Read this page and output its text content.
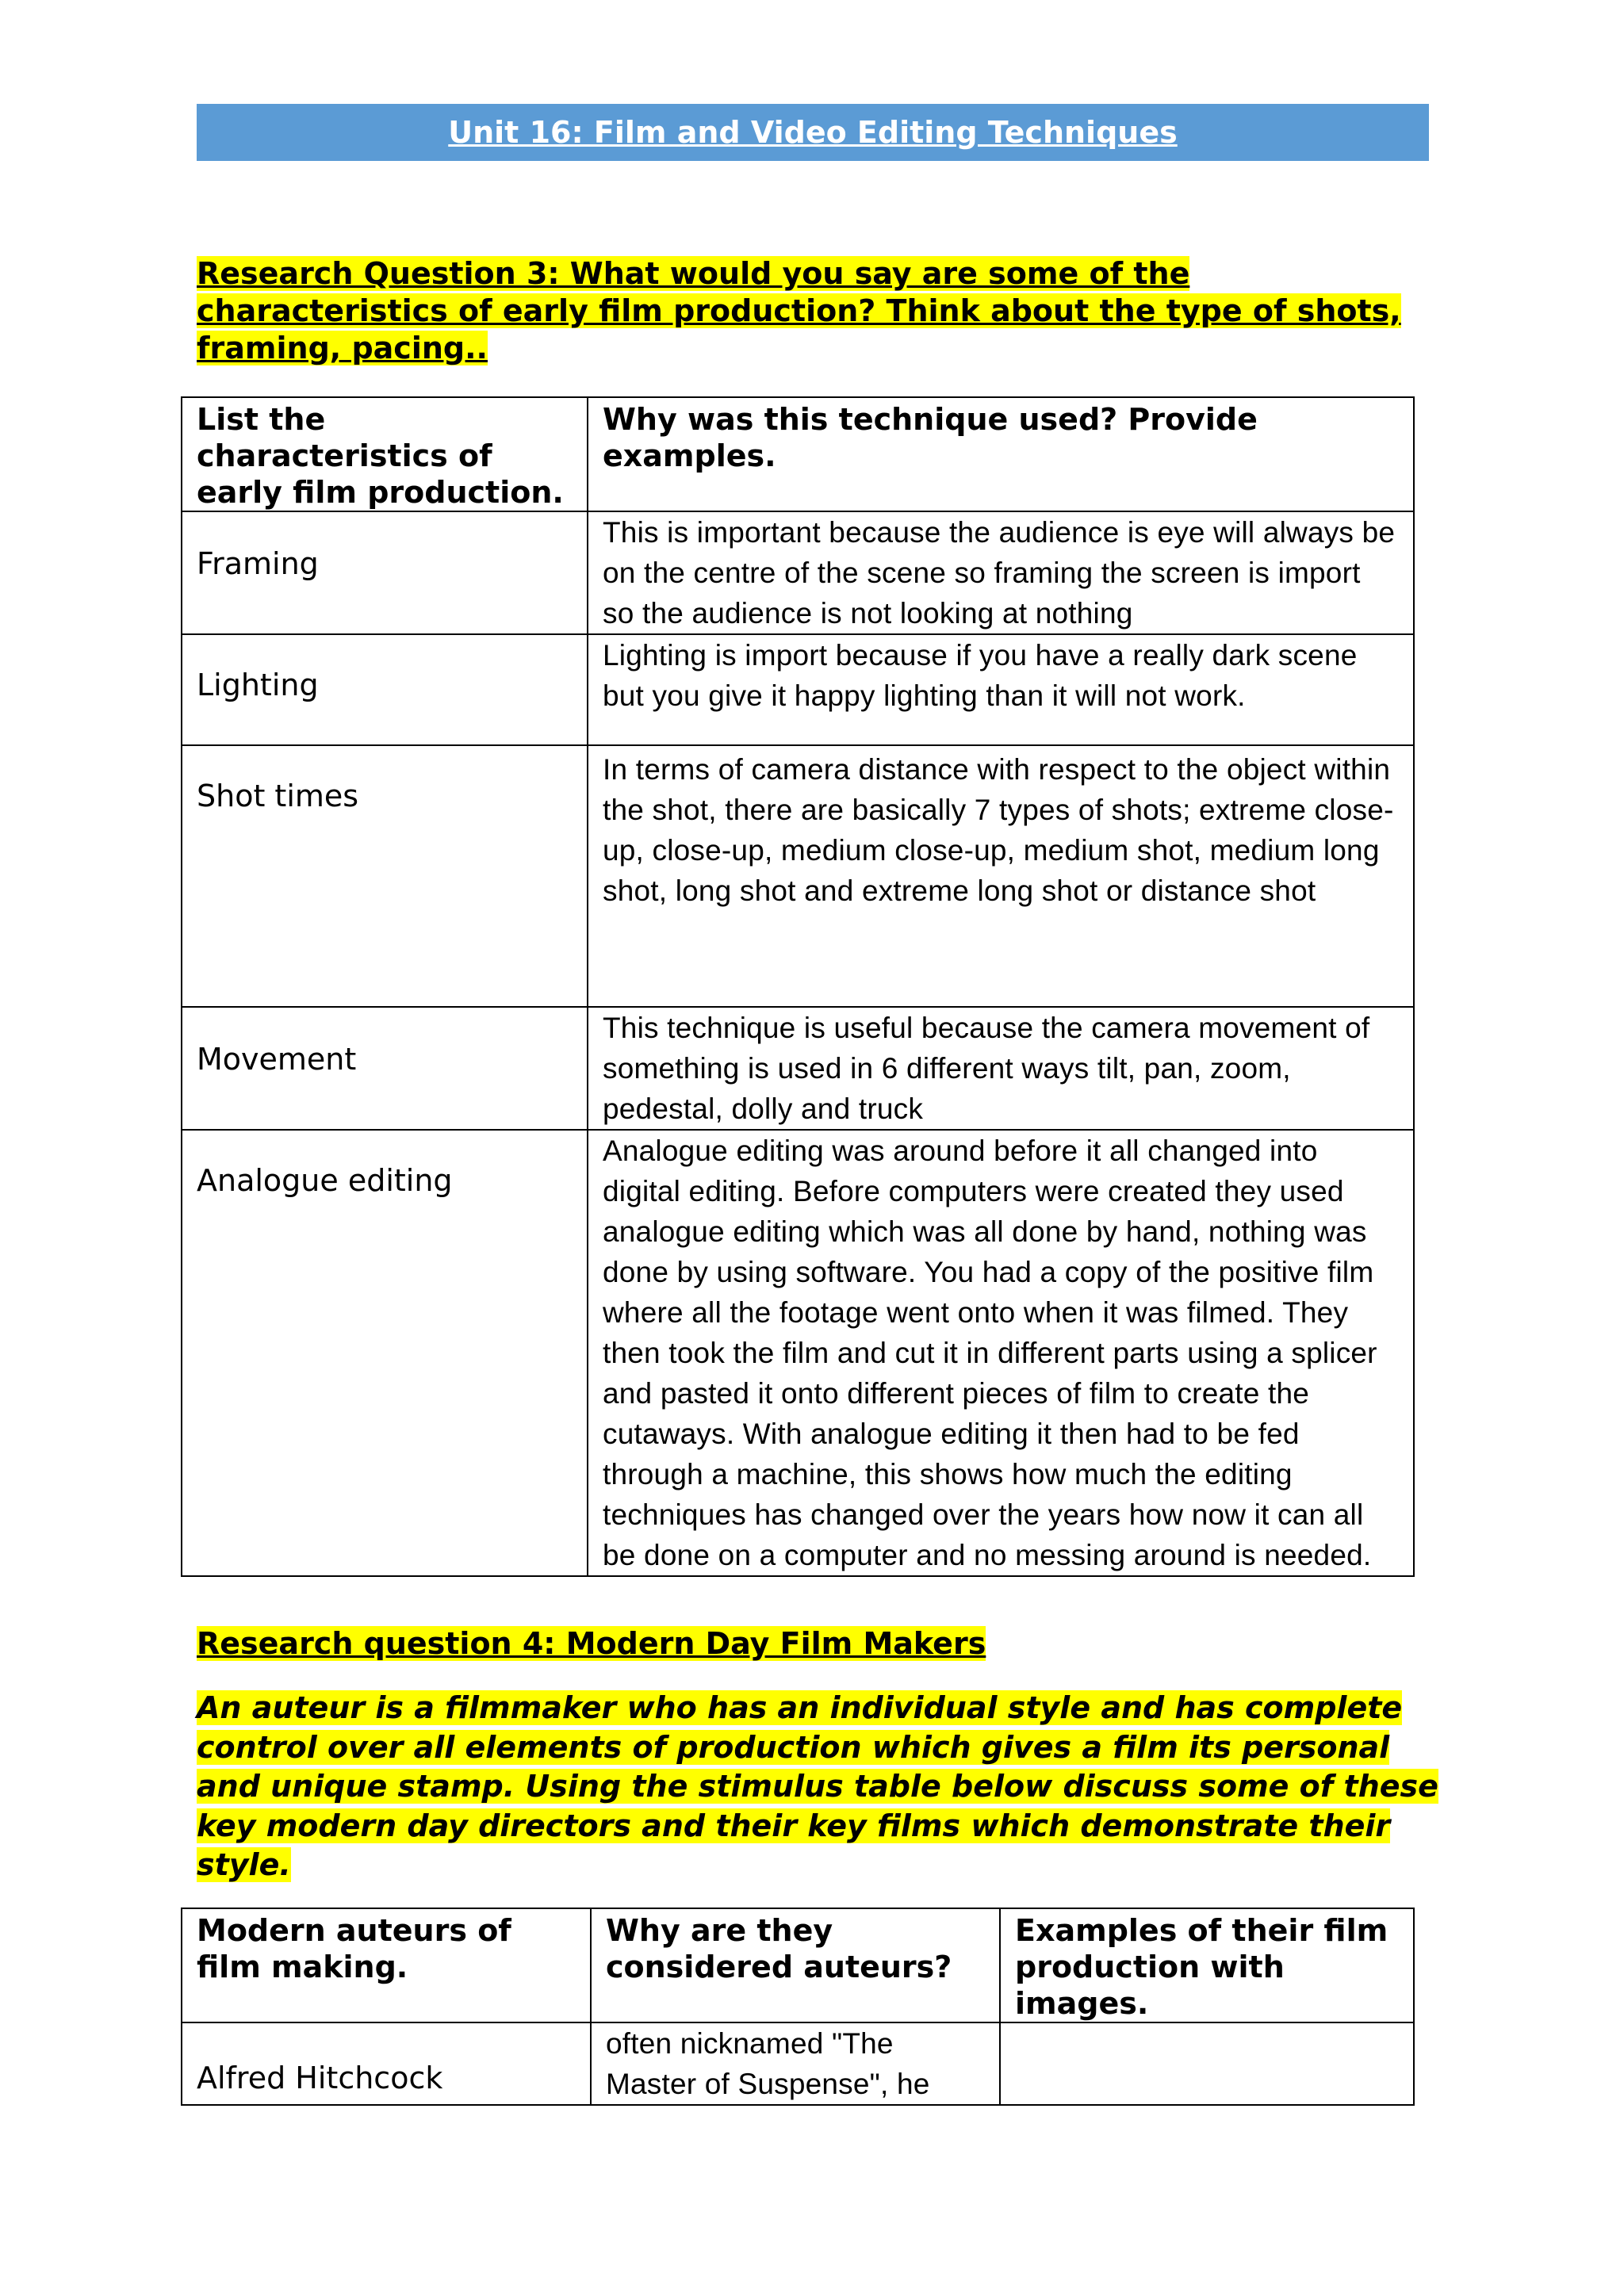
Unit 16: Film and Video Editing Techniques
Research Question 3: What would you say are some of the characteristics of early film production? Think about the type of shots, framing, pacing..
List the characteristics of early film production.	Why was this technique used? Provide examples.

Framing	This is important because the audience is eye will always be on the centre of the scene so framing the screen is import so the audience is not looking at nothing

Lighting	Lighting is import because if you have a really dark scene but you give it happy lighting than it will not work.

Shot times	In terms of camera distance with respect to the object within the shot, there are basically 7 types of shots; extreme close-up, close-up, medium close-up, medium shot, medium long shot, long shot and extreme long shot or distance shot

Movement	This technique is useful because the camera movement of something is used in 6 different ways tilt, pan, zoom, pedestal, dolly and truck

Analogue editing	Analogue editing was around before it all changed into digital editing. Before computers were created they used analogue editing which was all done by hand, nothing was done by using software. You had a copy of the positive film where all the footage went onto when it was filmed. They then took the film and cut it in different parts using a splicer and pasted it onto different pieces of film to create the cutaways. With analogue editing it then had to be fed through a machine, this shows how much the editing techniques has changed over the years how now it can all be done on a computer and no messing around is needed.
Research question 4: Modern Day Film Makers
An auteur is a filmmaker who has an individual style and has complete control over all elements of production which gives a film its personal and unique stamp. Using the stimulus table below discuss some of these key modern day directors and their key films which demonstrate their style.
Modern auteurs of film making.	Why are they considered auteurs?	Examples of their film production with images.

Alfred Hitchcock	often nicknamed "The Master of Suspense", he	
